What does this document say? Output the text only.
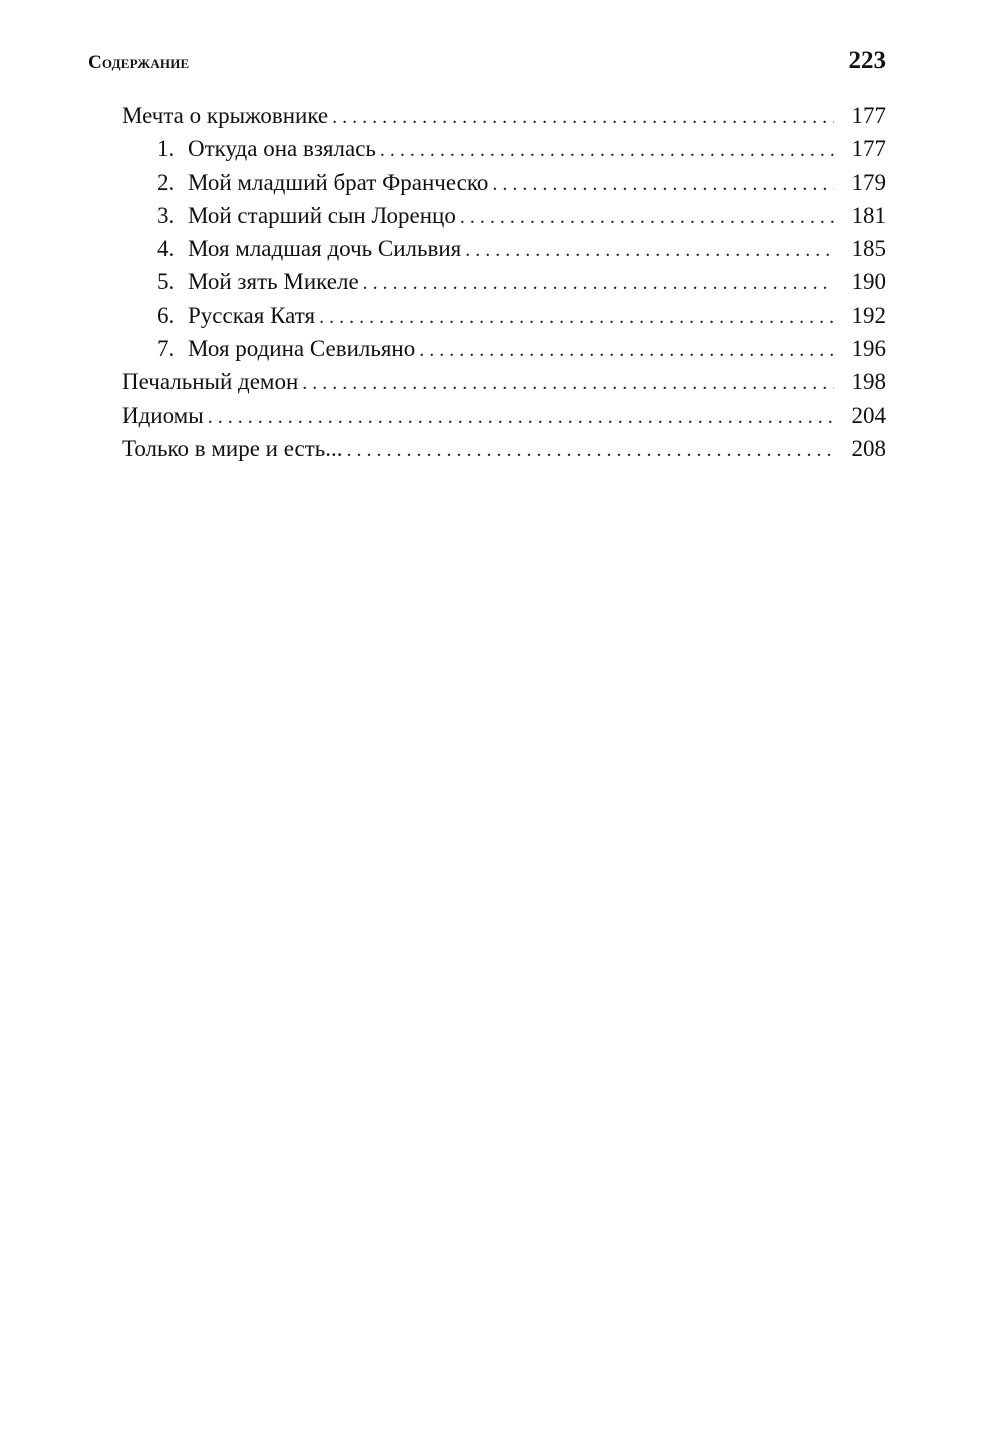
Содержание	223
Мечта о крыжовнике . . .	177
1. Откуда она взялась . . .	177
2. Мой младший брат Франческо . . .	179
3. Мой старший сын Лоренцо . . .	181
4. Моя младшая дочь Сильвия . . .	185
5. Мой зять Микеле . . .	190
6. Русская Катя . . .	192
7. Моя родина Севильяно . . .	196
Печальный демон . . .	198
Идиомы . . .	204
Только в мире и есть... . . .	208
